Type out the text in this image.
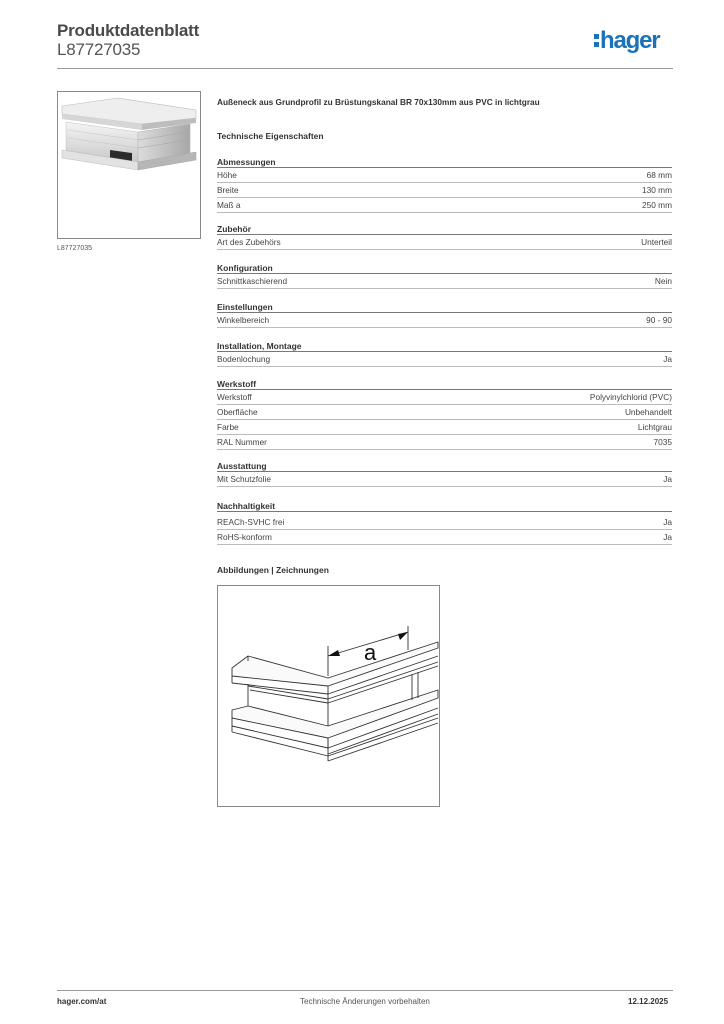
Produktdatenblatt
L87727035	hager
L87727035
Außeneck aus Grundprofil zu Brüstungskanal BR 70x130mm aus PVC in lichtgrau
Technische Eigenschaften
Abmessungen
Höhe	68 mm
Breite	130 mm
Maß a	250 mm
Zubehör
Art des Zubehörs	Unterteil
Konfiguration
Schnittkaschierend	Nein
Einstellungen
Winkelbereich	90 - 90
Installation, Montage
Bodenlochung	Ja
Werkstoff
Werkstoff	Polyvinylchlorid (PVC)
Oberfläche	Unbehandelt
Farbe	Lichtgrau
RAL Nummer	7035
Ausstattung
Mit Schutzfolie	Ja
Nachhaltigkeit
REACh-SVHC frei	Ja
RoHS-konform	Ja
Abbildungen | Zeichnungen
a
hager.com/at	Technische Änderungen vorbehalten	12.12.2025
